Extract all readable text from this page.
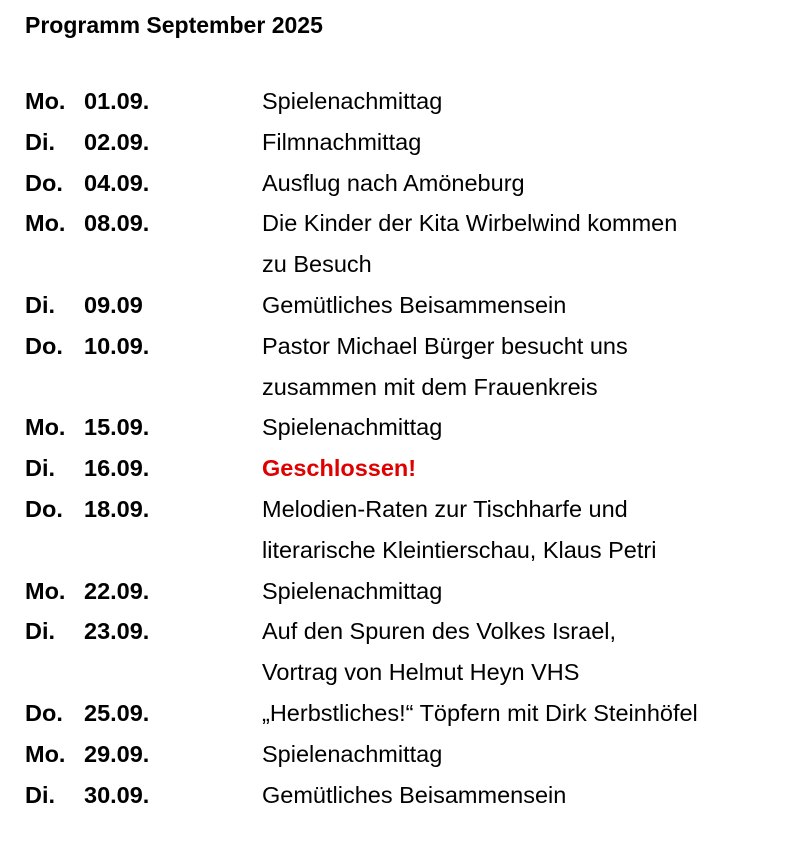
Programm September 2025
Mo. 01.09.	Spielenachmittag
Di.	02.09.	Filmnachmittag
Do. 04.09.	Ausflug nach Amöneburg
Mo. 08.09.	Die Kinder der Kita Wirbelwind kommen
zu Besuch
Di.	09.09	Gemütliches Beisammensein
Do. 10.09.	Pastor Michael Bürger besucht uns
zusammen mit dem Frauenkreis
Mo. 15.09.	Spielenachmittag
Di.	16.09.	Geschlossen!
Do. 18.09.	Melodien-Raten zur Tischharfe und
literarische Kleintierschau, Klaus Petri
Mo. 22.09.	Spielenachmittag
Di.	23.09.	Auf den Spuren des Volkes Israel,
Vortrag von Helmut Heyn VHS
Do. 25.09.	„Herbstliches!“ Töpfern mit Dirk Steinhöfel
Mo. 29.09.	Spielenachmittag
Di.	30.09.	Gemütliches Beisammensein
